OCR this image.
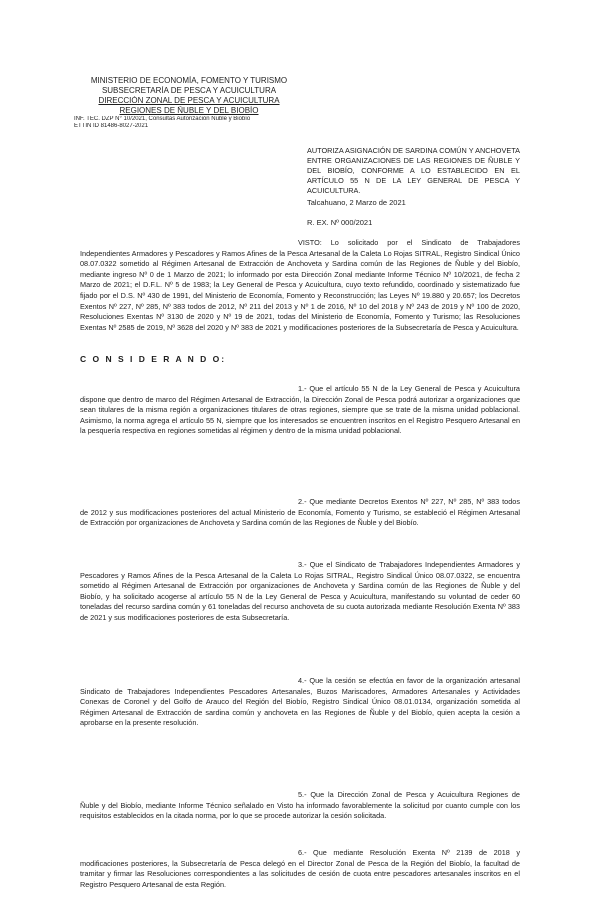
MINISTERIO DE ECONOMÍA, FOMENTO Y TURISMO
SUBSECRETARÍA DE PESCA Y ACUICULTURA
DIRECCIÓN ZONAL DE PESCA Y ACUICULTURA
REGIONES DE ÑUBLE Y DEL BIOBÍO
INF. TEC. DZP N° 10/2021, Consultas Autorización Ñuble y Biobío
ETTIN ID 81486-8027-2021
AUTORIZA ASIGNACIÓN DE SARDINA COMÚN Y ANCHOVETA ENTRE ORGANIZACIONES DE LAS REGIONES DE ÑUBLE Y DEL BIOBÍO, CONFORME A LO ESTABLECIDO EN EL ARTÍCULO 55 N DE LA LEY GENERAL DE PESCA Y ACUICULTURA.
Talcahuano, 2 Marzo de 2021
R. EX. Nº 000/2021
VISTO: Lo solicitado por el Sindicato de Trabajadores Independientes Armadores y Pescadores y Ramos Afines de la Pesca Artesanal de la Caleta Lo Rojas SITRAL, Registro Sindical Único 08.07.0322 sometido al Régimen Artesanal de Extracción de Anchoveta y Sardina común de las Regiones de Ñuble y del Biobío, mediante ingreso Nº 0 de 1 Marzo de 2021; lo informado por esta Dirección Zonal mediante Informe Técnico Nº 10/2021, de fecha 2 Marzo de 2021; el D.F.L. Nº 5 de 1983; la Ley General de Pesca y Acuicultura, cuyo texto refundido, coordinado y sistematizado fue fijado por el D.S. Nº 430 de 1991, del Ministerio de Economía, Fomento y Reconstrucción; las Leyes Nº 19.880 y 20.657; los Decretos Exentos Nº 227, Nº 285, Nº 383 todos de 2012, Nº 211 del 2013 y Nº 1 de 2016, Nº 10 del 2018 y Nº 243 de 2019 y Nº 100 de 2020, Resoluciones Exentas Nº 3130 de 2020 y Nº 19 de 2021, todas del Ministerio de Economía, Fomento y Turismo; las Resoluciones Exentas Nº 2585 de 2019, Nº 3628 del 2020 y Nº 383 de 2021 y modificaciones posteriores de la Subsecretaría de Pesca y Acuicultura.
C O N S I D E R A N D O:
1.- Que el artículo 55 N de la Ley General de Pesca y Acuicultura dispone que dentro de marco del Régimen Artesanal de Extracción, la Dirección Zonal de Pesca podrá autorizar a organizaciones que sean titulares de la misma región a organizaciones titulares de otras regiones, siempre que se trate de la misma unidad poblacional. Asimismo, la norma agrega el artículo 55 N, siempre que los interesados se encuentren inscritos en el Registro Pesquero Artesanal en la pesquería respectiva en regiones sometidas al régimen y dentro de la misma unidad poblacional.
2.- Que mediante Decretos Exentos Nº 227, Nº 285, Nº 383 todos de 2012 y sus modificaciones posteriores del actual Ministerio de Economía, Fomento y Turismo, se estableció el Régimen Artesanal de Extracción por organizaciones de Anchoveta y Sardina común de las Regiones de Ñuble y del Biobío.
3.- Que el Sindicato de Trabajadores Independientes Armadores y Pescadores y Ramos Afines de la Pesca Artesanal de la Caleta Lo Rojas SITRAL, Registro Sindical Único 08.07.0322, se encuentra sometido al Régimen Artesanal de Extracción por organizaciones de Anchoveta y Sardina común de las Regiones de Ñuble y del Biobío, y ha solicitado acogerse al artículo 55 N de la Ley General de Pesca y Acuicultura, manifestando su voluntad de ceder 60 toneladas del recurso sardina común y 61 toneladas del recurso anchoveta de su cuota autorizada mediante Resolución Exenta Nº 383 de 2021 y sus modificaciones posteriores de esta Subsecretaría.
4.- Que la cesión se efectúa en favor de la organización artesanal Sindicato de Trabajadores Independientes Pescadores Artesanales, Buzos Mariscadores, Armadores Artesanales y Actividades Conexas de Coronel y del Golfo de Arauco del Región del Biobío, Registro Sindical Único 08.01.0134, organización sometida al Régimen Artesanal de Extracción de sardina común y anchoveta en las Regiones de Ñuble y del Biobío, quien acepta la cesión a aprobarse en la presente resolución.
5.- Que la Dirección Zonal de Pesca y Acuicultura Regiones de Ñuble y del Biobío, mediante Informe Técnico señalado en Visto ha informado favorablemente la solicitud por cuanto cumple con los requisitos establecidos en la citada norma, por lo que se procede autorizar la cesión solicitada.
6.- Que mediante Resolución Exenta Nº 2139 de 2018 y modificaciones posteriores, la Subsecretaría de Pesca delegó en el Director Zonal de Pesca de la Región del Biobío, la facultad de tramitar y firmar las Resoluciones correspondientes a las solicitudes de cesión de cuota entre pescadores artesanales inscritos en el Registro Pesquero Artesanal de esta Región.
